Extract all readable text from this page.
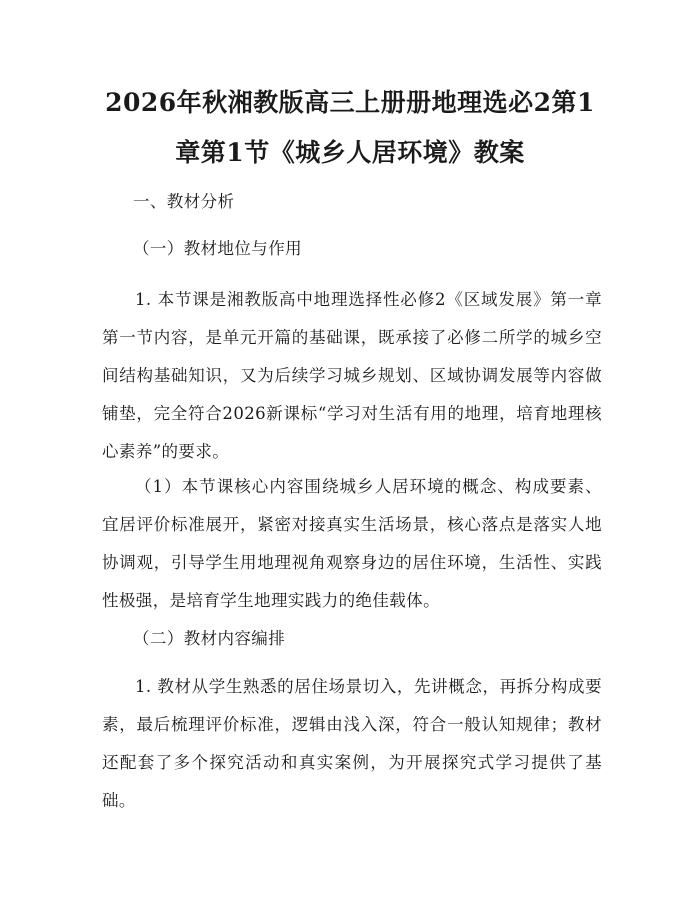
2026年秋湘教版高三上册册地理选必2第1
章第1节《城乡人居环境》教案
一、教材分析
（一）教材地位与作用
1. 本节课是湘教版高中地理选择性必修2《区域发展》第一章第一节内容，是单元开篇的基础课，既承接了必修二所学的城乡空间结构基础知识，又为后续学习城乡规划、区域协调发展等内容做铺垫，完全符合2026新课标“学习对生活有用的地理，培育地理核心素养”的要求。
（1）本节课核心内容围绕城乡人居环境的概念、构成要素、宜居评价标准展开，紧密对接真实生活场景，核心落点是落实人地协调观，引导学生用地理视角观察身边的居住环境，生活性、实践性极强，是培育学生地理实践力的绝佳载体。
（二）教材内容编排
1. 教材从学生熟悉的居住场景切入，先讲概念，再拆分构成要素，最后梳理评价标准，逻辑由浅入深，符合一般认知规律；教材还配套了多个探究活动和真实案例，为开展探究式学习提供了基础。
